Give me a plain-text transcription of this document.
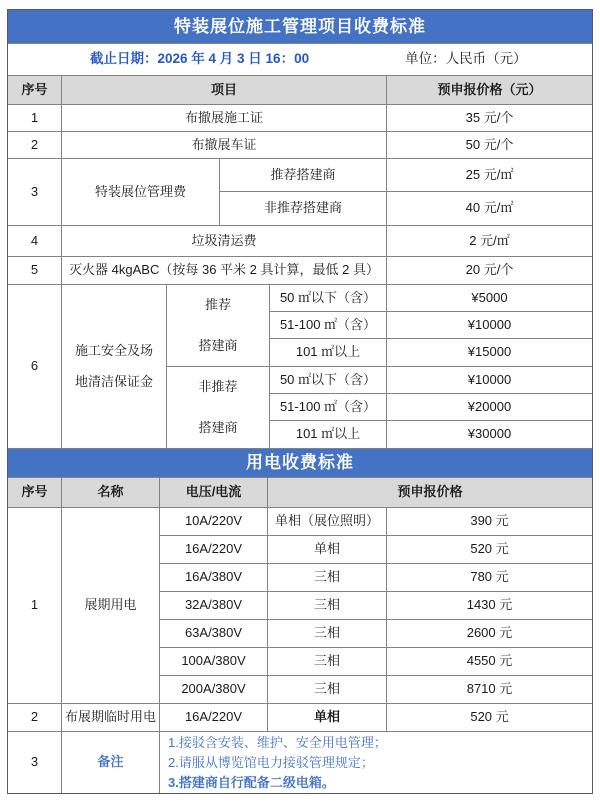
特装展位施工管理项目收费标准
截止日期：2026 年 4 月 3 日 16：00	单位：人民币（元）
序号	项目	预申报价格（元）
1	布撤展施工证	35 元/个
2	布撤展车证	50 元/个
3	特装展位管理费
推荐搭建商	25 元/㎡
非推荐搭建商	40 元/㎡
4	垃圾清运费	2 元/㎡
5	灭火器 4kgABC（按每 36 平米 2 具计算，最低 2 具）	20 元/个
6
施工安全及场
地清洁保证金
推荐
搭建商
50 ㎡以下（含）	¥5000
51-100 ㎡（含）	¥10000
101 ㎡以上	¥15000
非推荐
搭建商
50 ㎡以下（含）	¥10000
51-100 ㎡（含）	¥20000
101 ㎡以上	¥30000
用电收费标准
序号	名称	电压/电流	预申报价格
1	展期用电
10A/220V	单相（展位照明）	390 元
16A/220V	单相	520 元
16A/380V	三相	780 元
32A/380V	三相	1430 元
63A/380V	三相	2600 元
100A/380V	三相	4550 元
200A/380V	三相	8710 元
2	布展期临时用电	16A/220V	单相	520 元
3	备注
1.接驳含安装、维护、安全用电管理；
2.请服从博览馆电力接驳管理规定；
3.搭建商自行配备二级电箱。
